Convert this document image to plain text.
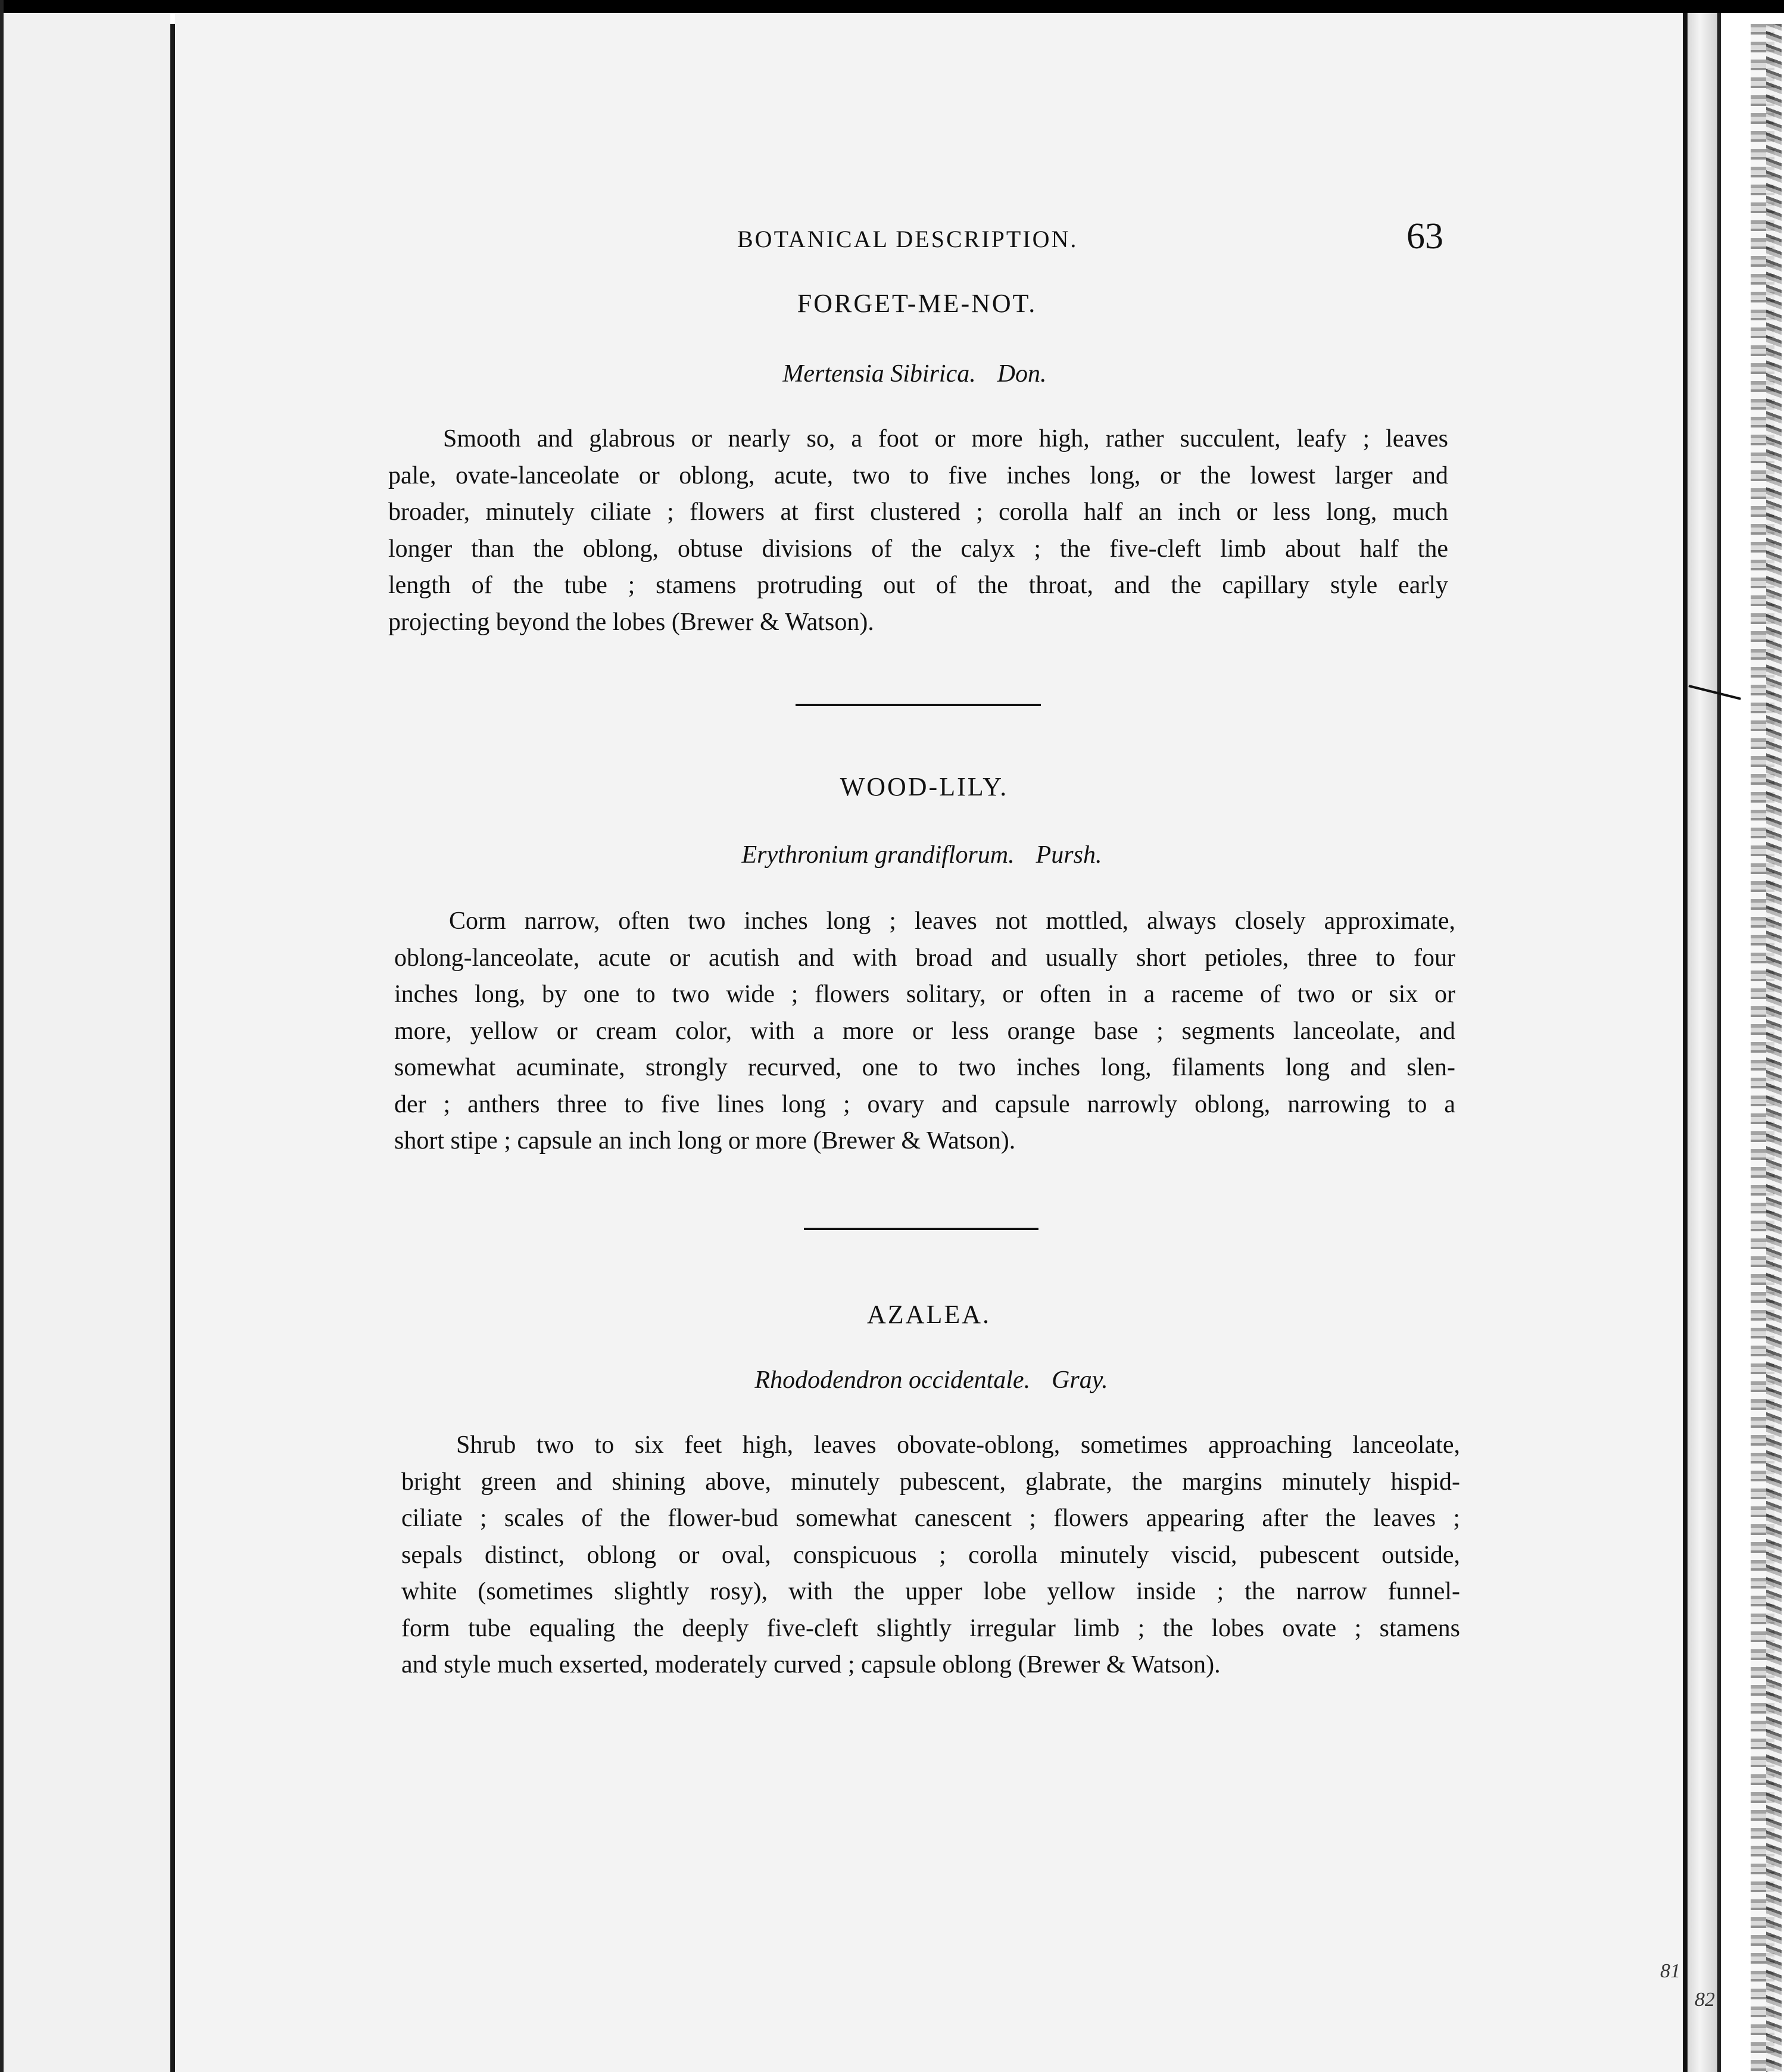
81
82
BOTANICAL DESCRIPTION.	63
FORGET-ME-NOT.
Mertensia Sibirica. Don.
Smooth and glabrous or nearly so, a foot or more high, rather succulent, leafy ; leaves
pale, ovate-lanceolate or oblong, acute, two to five inches long, or the lowest larger and
broader, minutely ciliate ; flowers at first clustered ; corolla half an inch or less long, much
longer than the oblong, obtuse divisions of the calyx ; the five-cleft limb about half the
length of the tube ; stamens protruding out of the throat, and the capillary style early
projecting beyond the lobes (Brewer & Watson).
WOOD-LILY.
Erythronium grandiflorum. Pursh.
Corm narrow, often two inches long ; leaves not mottled, always closely approximate,
oblong-lanceolate, acute or acutish and with broad and usually short petioles, three to four
inches long, by one to two wide ; flowers solitary, or often in a raceme of two or six or
more, yellow or cream color, with a more or less orange base ; segments lanceolate, and
somewhat acuminate, strongly recurved, one to two inches long, filaments long and slen-
der ; anthers three to five lines long ; ovary and capsule narrowly oblong, narrowing to a
short stipe ; capsule an inch long or more (Brewer & Watson).
AZALEA.
Rhododendron occidentale. Gray.
Shrub two to six feet high, leaves obovate-oblong, sometimes approaching lanceolate,
bright green and shining above, minutely pubescent, glabrate, the margins minutely hispid-
ciliate ; scales of the flower-bud somewhat canescent ; flowers appearing after the leaves ;
sepals distinct, oblong or oval, conspicuous ; corolla minutely viscid, pubescent outside,
white (sometimes slightly rosy), with the upper lobe yellow inside ; the narrow funnel-
form tube equaling the deeply five-cleft slightly irregular limb ; the lobes ovate ; stamens
and style much exserted, moderately curved ; capsule oblong (Brewer & Watson).
